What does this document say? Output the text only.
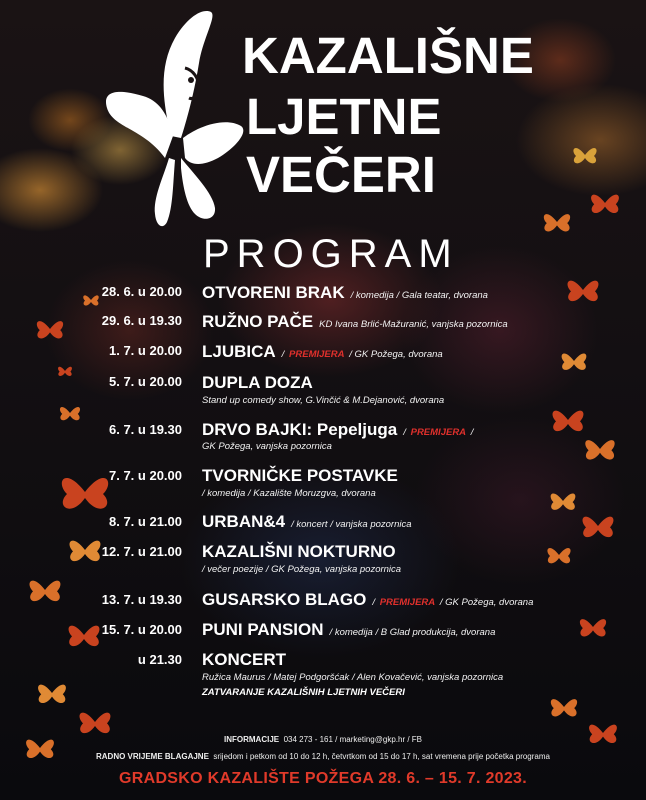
KAZALIŠNE
LJETNE
VEČERI
PROGRAM
28. 6. u 20.00 OTVORENI BRAK / komedija / Gala teatar, dvorana
29. 6. u 19.30 RUŽNO PAČE KD Ivana Brlić-Mažuranić, vanjska pozornica
1. 7. u 20.00 LJUBICA / PREMIJERA / GK Požega, dvorana
5. 7. u 20.00 DUPLA DOZA
Stand up comedy show, G.Vinčić & M.Dejanović, dvorana
6. 7. u 19.30 DRVO BAJKI: Pepeljuga / PREMIJERA /
GK Požega, vanjska pozornica
7. 7. u 20.00 TVORNIČKE POSTAVKE
/ komedija / Kazalište Moruzgva, dvorana
8. 7. u 21.00 URBAN&4 / koncert / vanjska pozornica
12. 7. u 21.00 KAZALIŠNI NOKTURNO
/ večer poezije / GK Požega, vanjska pozornica
13. 7. u 19.30 GUSARSKO BLAGO / PREMIJERA / GK Požega, dvorana
15. 7. u 20.00 PUNI PANSION / komedija / B Glad produkcija, dvorana
u 21.30 KONCERT
Ružica Maurus / Matej Podgoršćak / Alen Kovačević, vanjska pozornica
ZATVARANJE KAZALIŠNIH LJETNIH VEČERI
INFORMACIJE 034 273 - 161 / marketing@gkp.hr / FB
RADNO VRIJEME BLAGAJNE srijedom i petkom od 10 do 12 h, četvrtkom od 15 do 17 h, sat vremena prije početka programa
GRADSKO KAZALIŠTE POŽEGA 28. 6. – 15. 7. 2023.
